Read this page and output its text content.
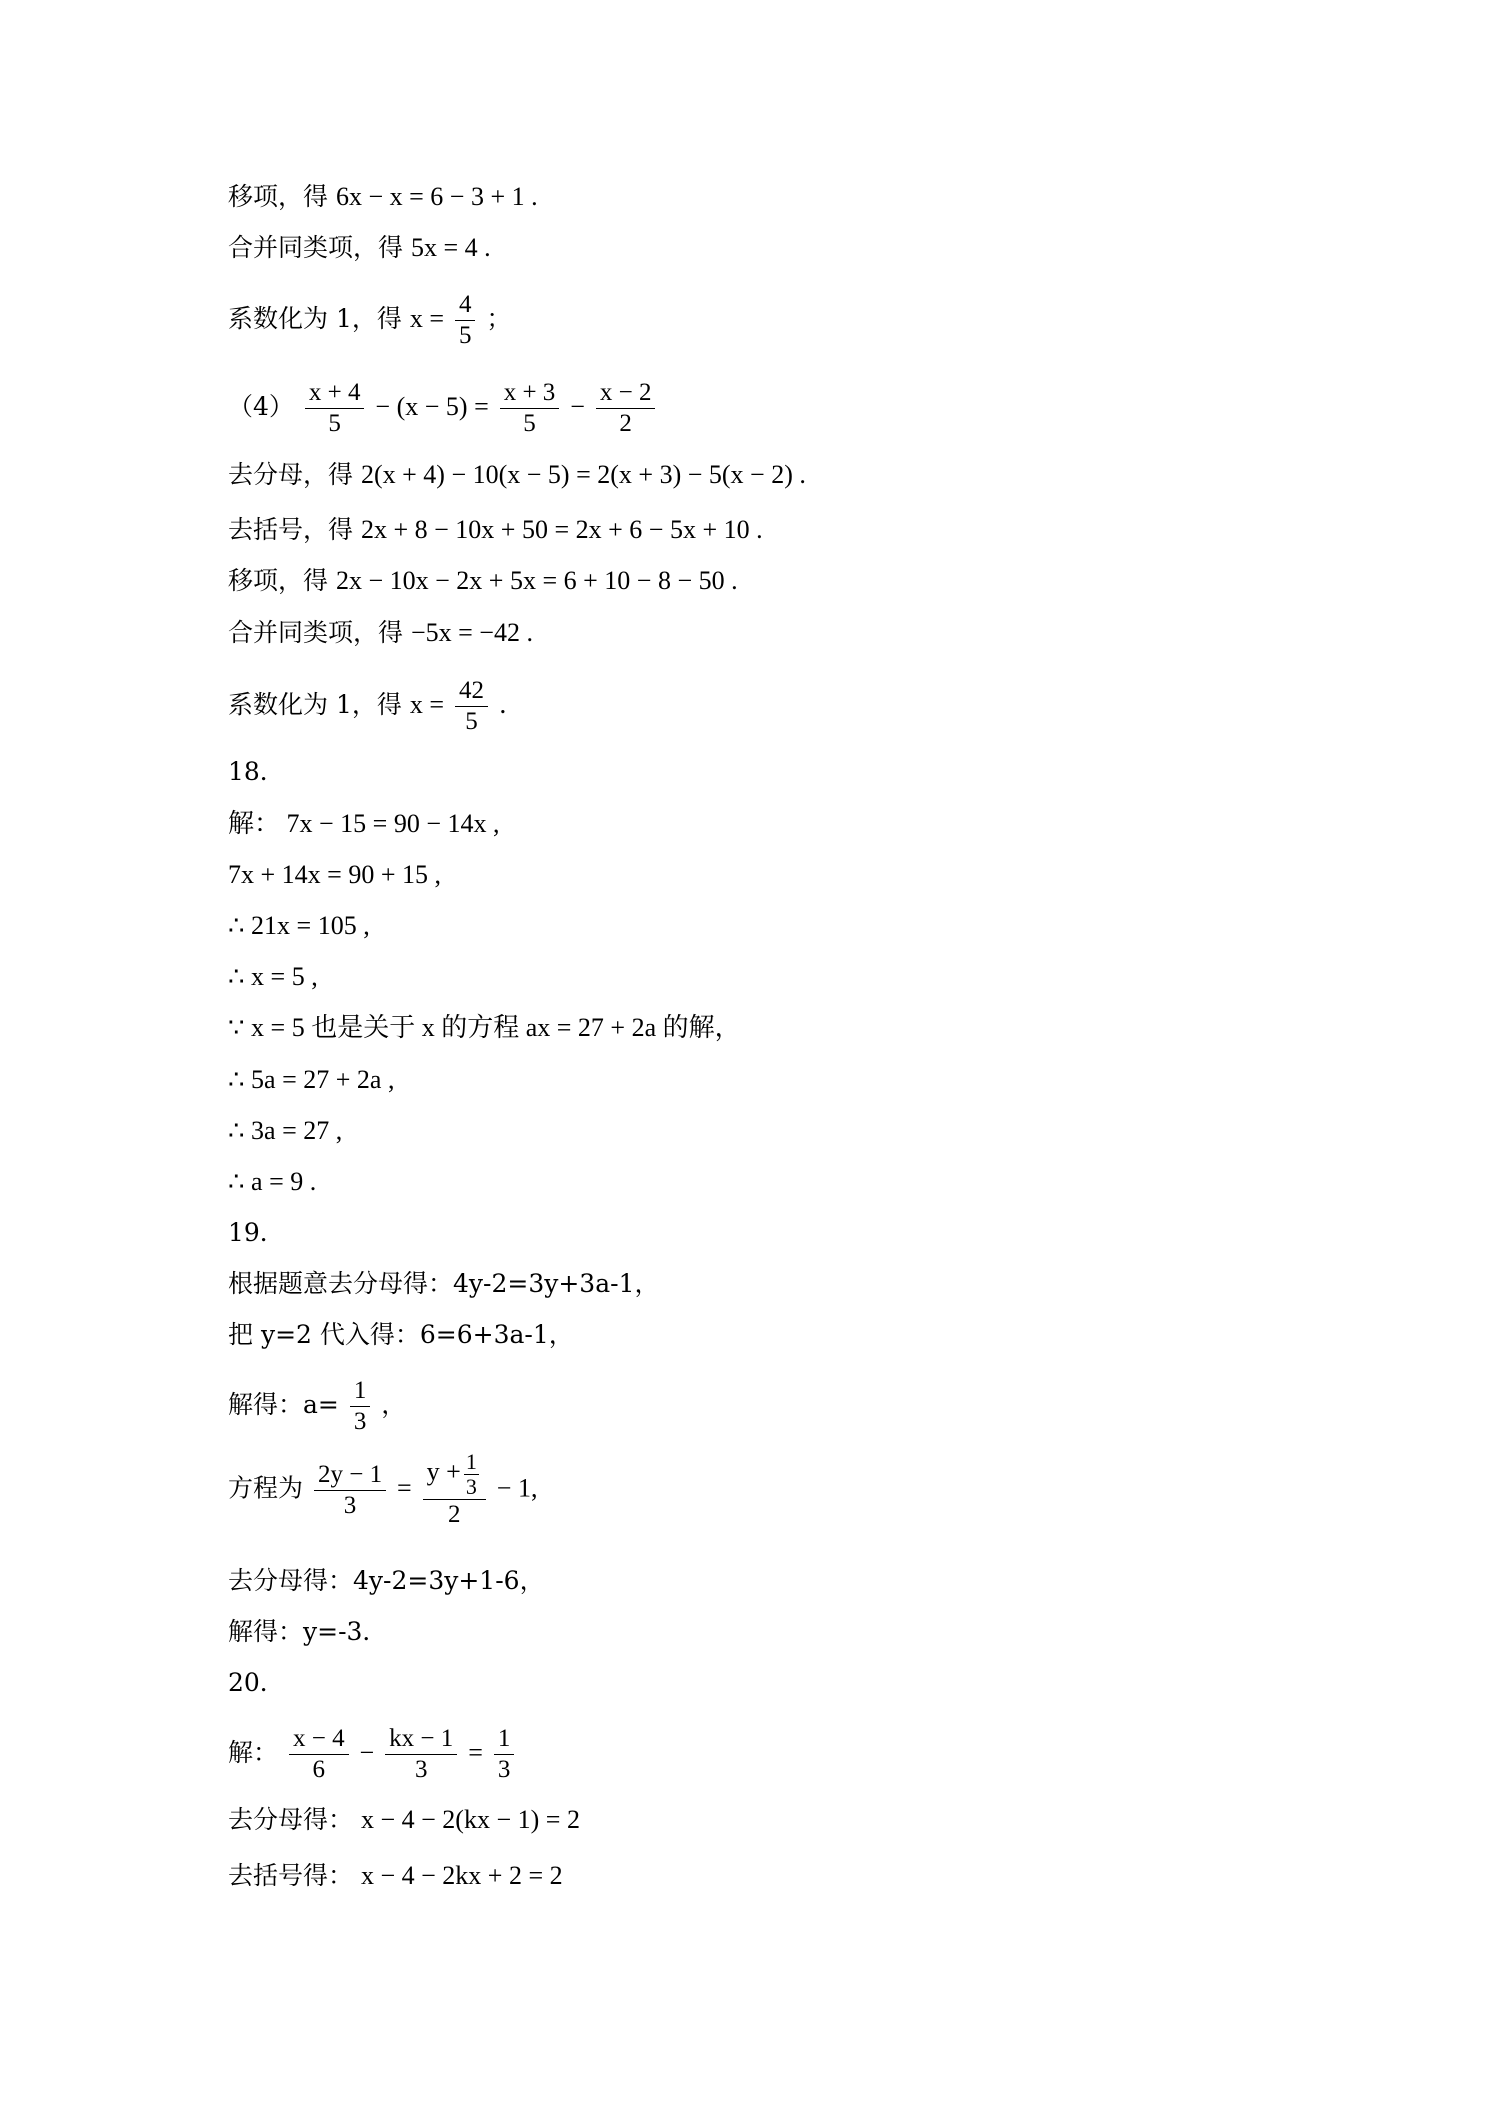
移项，得 6x − x = 6 − 3 + 1 .
合并同类项，得 5x = 4 .
系数化为 1，得 $x = \frac{4}{5}$ ；
$(4) \frac{x + 4}{5} - (x - 5) = \frac{x + 3}{5} - \frac{x - 2}{2}$
去分母，得 2(x + 4) − 10(x − 5) = 2(x + 3) − 5(x − 2) .
去括号，得 2x + 8 − 10x + 50 = 2x + 6 − 5x + 10 .
移项，得 2x − 10x − 2x + 5x = 6 + 10 − 8 − 50 .
合并同类项，得 −5x = −42 .
系数化为 1，得 $x = \frac{42}{5}$ .
18．
解： 7x − 15 = 90 − 14x ,
7x + 14x = 90 + 15 ,
∴ 21x = 105 ,
∴ x = 5 ,
∵ x = 5 也是关于 x 的方程 ax = 27 + 2a 的解，
∴ 5a = 27 + 2a ,
∴ 3a = 27 ,
∴ a = 9 .
19．
根据题意去分母得：4y-2=3y+3a-1，
把 y=2 代入得：6=6+3a-1，
解得：$a= \frac{1}{3}$ ，
方程为 $\frac{2y - 1}{3} = \frac{y + \frac{1}{3}}{2} - 1$,
去分母得：4y-2=3y+1-6，
解得：y=-3．
20．
解： $\frac{x - 4}{6} - \frac{kx - 1}{3} = \frac{1}{3}$
去分母得： x − 4 − 2(kx − 1) = 2
去括号得： x − 4 − 2kx + 2 = 2
